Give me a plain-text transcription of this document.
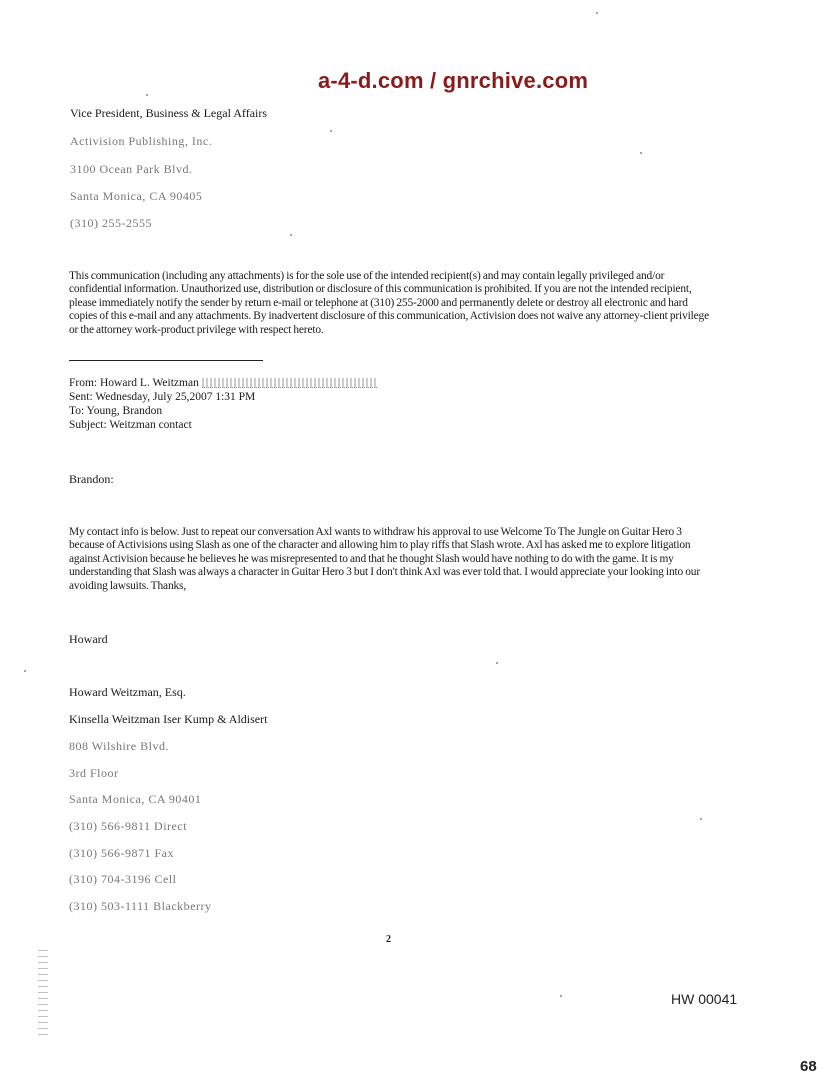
a-4-d.com / gnrchive.com
Vice President, Business & Legal Affairs
Activision Publishing, Inc.
3100 Ocean Park Blvd.
Santa Monica, CA 90405
(310) 255-2555
This communication (including any attachments) is for the sole use of the intended recipient(s) and may contain legally privileged and/or confidential information. Unauthorized use, distribution or disclosure of this communication is prohibited. If you are not the intended recipient, please immediately notify the sender by return e-mail or telephone at (310) 255-2000 and permanently delete or destroy all electronic and hard copies of this e-mail and any attachments. By inadvertent disclosure of this communication, Activision does not waive any attorney-client privilege or the attorney work-product privilege with respect hereto.
From: Howard L. Weitzman
Sent: Wednesday, July 25,2007 1:31 PM
To: Young, Brandon
Subject: Weitzman contact
Brandon:
My contact info is below. Just to repeat our conversation Axl wants to withdraw his approval to use Welcome To The Jungle on Guitar Hero 3 because of Activisions using Slash as one of the character and allowing him to play riffs that Slash wrote. Axl has asked me to explore litigation against Activision because he believes he was misrepresented to and that he thought Slash would have nothing to do with the game. It is my understanding that Slash was always a character in Guitar Hero 3 but I don't think Axl was ever told that. I would appreciate your looking into our avoiding lawsuits. Thanks,
Howard
Howard Weitzman, Esq.
Kinsella Weitzman Iser Kump & Aldisert
808 Wilshire Blvd.
3rd Floor
Santa Monica, CA 90401
(310) 566-9811 Direct
(310) 566-9871 Fax
(310) 704-3196 Cell
(310) 503-1111 Blackberry
2
HW 00041
68
